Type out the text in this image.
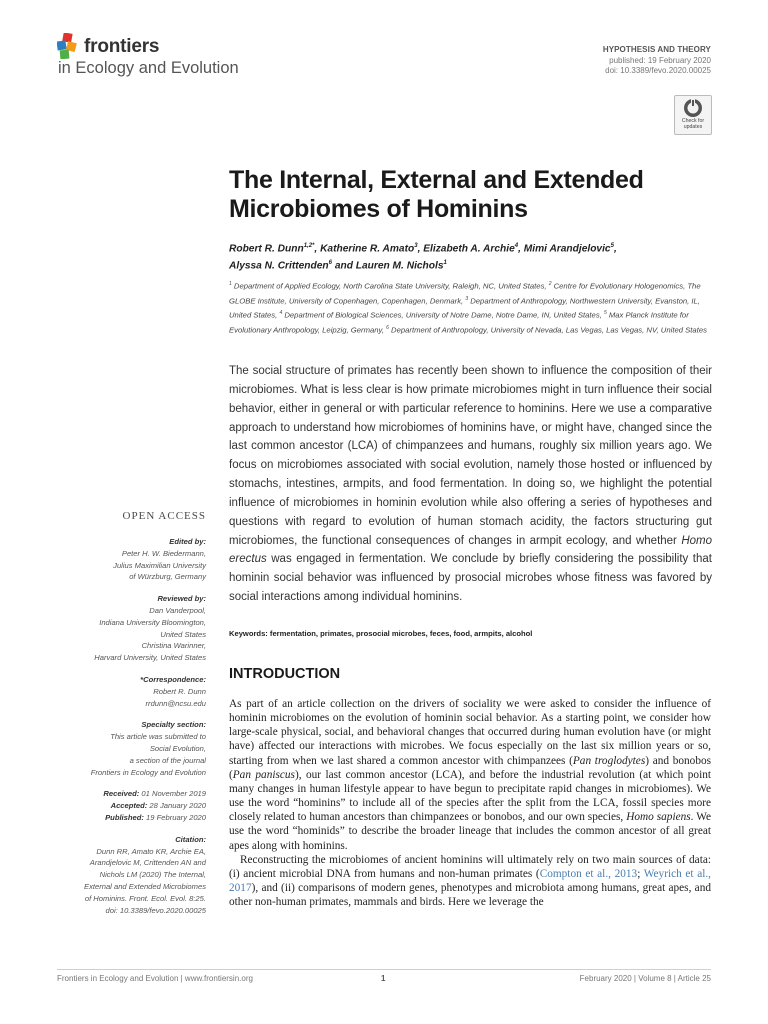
frontiers
in Ecology and Evolution
HYPOTHESIS AND THEORY
published: 19 February 2020
doi: 10.3389/fevo.2020.00025
Check for updates
The Internal, External and Extended Microbiomes of Hominins
Robert R. Dunn$^{1,2*}$, Katherine R. Amato$^3$, Elizabeth A. Archie$^4$, Mimi Arandjelovic$^5$,
Alyssa N. Crittenden$^6$ and Lauren M. Nichols$^1$
$^1$ Department of Applied Ecology, North Carolina State University, Raleigh, NC, United States, $^2$ Centre for Evolutionary Hologenomics, The GLOBE Institute, University of Copenhagen, Copenhagen, Denmark, $^3$ Department of Anthropology, Northwestern University, Evanston, IL, United States, $^4$ Department of Biological Sciences, University of Notre Dame, Notre Dame, IN, United States, $^5$ Max Planck Institute for Evolutionary Anthropology, Leipzig, Germany, $^6$ Department of Anthropology, University of Nevada, Las Vegas, Las Vegas, NV, United States
The social structure of primates has recently been shown to influence the composition of their microbiomes. What is less clear is how primate microbiomes might in turn influence their social behavior, either in general or with particular reference to hominins. Here we use a comparative approach to understand how microbiomes of hominins have, or might have, changed since the last common ancestor (LCA) of chimpanzees and humans, roughly six million years ago. We focus on microbiomes associated with social evolution, namely those hosted or influenced by stomachs, intestines, armpits, and food fermentation. In doing so, we highlight the potential influence of microbiomes in hominin evolution while also offering a series of hypotheses and questions with regard to evolution of human stomach acidity, the factors structuring gut microbiomes, the functional consequences of changes in armpit ecology, and whether Homo erectus was engaged in fermentation. We conclude by briefly considering the possibility that hominin social behavior was influenced by prosocial microbes whose fitness was favored by social interactions among individual hominins.
Keywords: fermentation, primates, prosocial microbes, feces, food, armpits, alcohol
INTRODUCTION

As part of an article collection on the drivers of sociality we were asked to consider the influence of hominin microbiomes on the evolution of hominin social behavior. As a starting point, we consider how large-scale physical, social, and behavioral changes that occurred during human evolution have (or might have) affected our interactions with microbes. We focus especially on the last six million years or so, starting from when we last shared a common ancestor with chimpanzees (Pan troglodytes) and bonobos (Pan paniscus), our last common ancestor (LCA), and before the industrial revolution (at which point many changes in human lifestyle appear to have begun to precipitate rapid changes in microbiomes). We use the word “hominins” to include all of the species after the split from the LCA, fossil species more closely related to human ancestors than chimpanzees or bonobos, and our own species, Homo sapiens. We use the word “hominids” to describe the broader lineage that includes the common ancestor of all great apes along with hominins.

Reconstructing the microbiomes of ancient hominins will ultimately rely on two main sources of data: (i) ancient microbial DNA from humans and non-human primates (Compton et al., 2013; Weyrich et al., 2017), and (ii) comparisons of modern genes, phenotypes and microbiota among humans, great apes, and other non-human primates, mammals and birds. Here we leverage the

OPEN ACCESS
Edited by:
Peter H. W. Biedermann,
Julius Maximilian University
of Würzburg, Germany
Reviewed by:
Dan Vanderpool,
Indiana University Bloomington,
United States
Christina Warinner,
Harvard University, United States
*Correspondence:
Robert R. Dunn
rrdunn@ncsu.edu
Specialty section:
This article was submitted to
Social Evolution,
a section of the journal
Frontiers in Ecology and Evolution
Received: 01 November 2019
Accepted: 28 January 2020
Published: 19 February 2020
Citation:
Dunn RR, Amato KR, Archie EA,
Arandjelovic M, Crittenden AN and
Nichols LM (2020) The Internal,
External and Extended Microbiomes
of Hominins. Front. Ecol. Evol. 8:25.
doi: 10.3389/fevo.2020.00025
Frontiers in Ecology and Evolution | www.frontiersin.org	1	February 2020 | Volume 8 | Article 25
